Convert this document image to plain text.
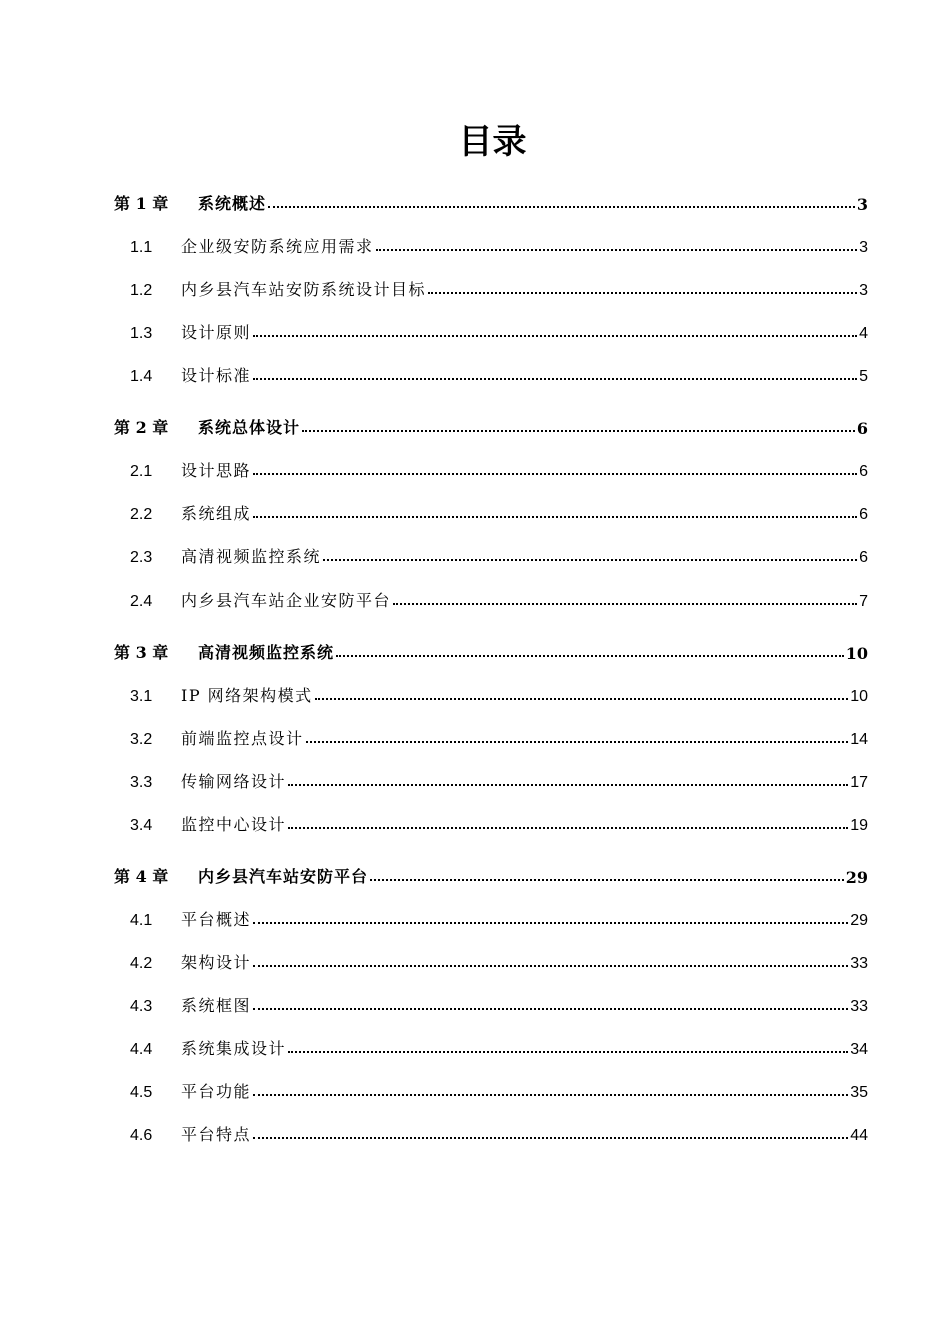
目录
第 1 章	系统概述	3
1.1	企业级安防系统应用需求	3
1.2	内乡县汽车站安防系统设计目标	3
1.3	设计原则	4
1.4	设计标准	5
第 2 章	系统总体设计	6
2.1	设计思路	6
2.2	系统组成	6
2.3	高清视频监控系统	6
2.4	内乡县汽车站企业安防平台	7
第 3 章	高清视频监控系统	10
3.1	IP 网络架构模式	10
3.2	前端监控点设计	14
3.3	传输网络设计	17
3.4	监控中心设计	19
第 4 章	内乡县汽车站安防平台	29
4.1	平台概述	29
4.2	架构设计	33
4.3	系统框图	33
4.4	系统集成设计	34
4.5	平台功能	35
4.6	平台特点	44
